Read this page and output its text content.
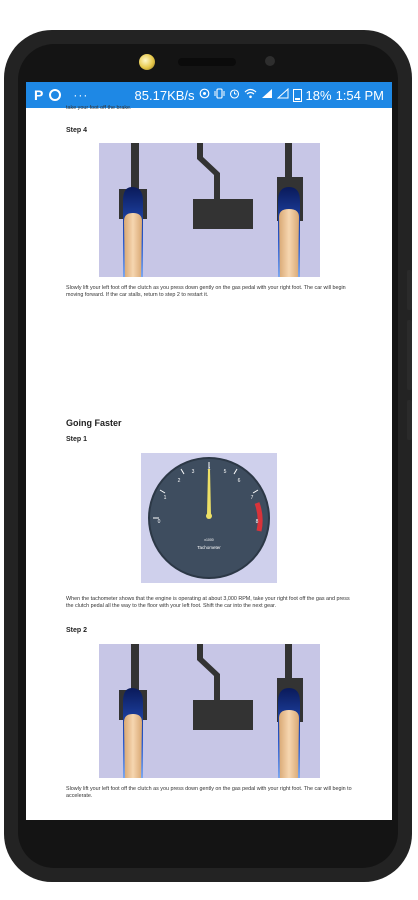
P	···	85.17KB/s	18% 1:54 PM
take your foot off the brake.
Step 4
Slowly lift your left foot off the clutch as you press down gently on the gas pedal with your right foot. The car will begin moving forward. If the car stalls, return to step 2 to restart it.
Going Faster
Step 1
0
1
2
3	5
6
7
8
x1000
Tachometer
When the tachometer shows that the engine is operating at about 3,000 RPM, take your right foot off the gas and press the clutch pedal all the way to the floor with your left foot. Shift the car into the next gear.
Step 2
Slowly lift your left foot off the clutch as you press down gently on the gas pedal with your right foot. The car will begin to accelerate.
